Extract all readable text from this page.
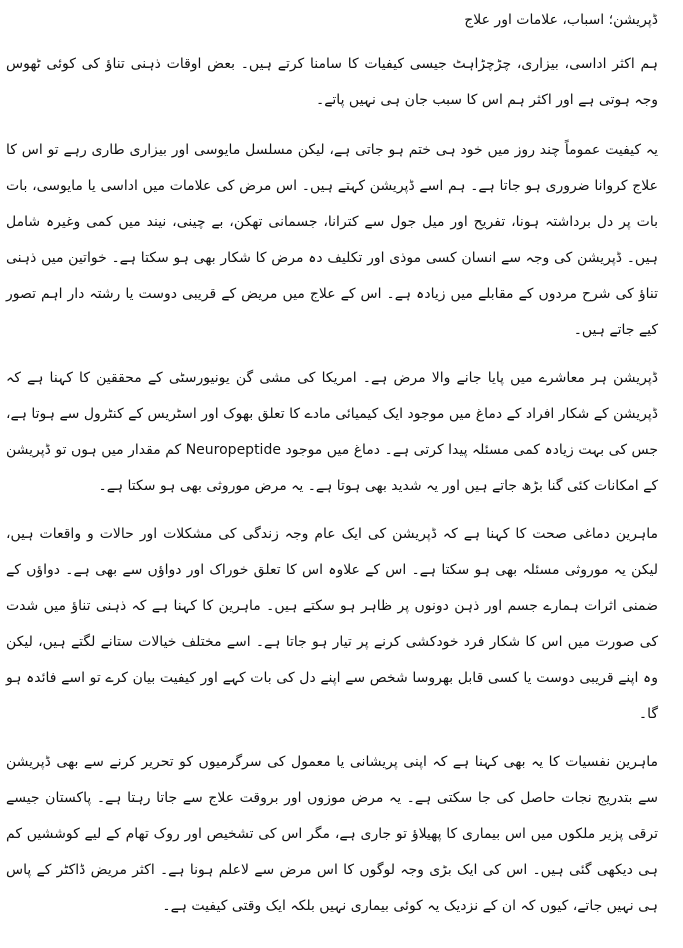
ڈپریشن؛ اسباب، علامات اور علاج

ہم اکثر اداسی، بیزاری، چڑچڑاہٹ جیسی کیفیات کا سامنا کرتے ہیں۔ بعض اوقات ذہنی تناؤ کی کوئی ٹھوس وجہ ہوتی ہے اور اکثر ہم اس کا سبب جان ہی نہیں پاتے۔

یہ کیفیت عموماً چند روز میں خود ہی ختم ہو جاتی ہے، لیکن مسلسل مایوسی اور بیزاری طاری رہے تو اس کا علاج کروانا ضروری ہو جاتا ہے۔ ہم اسے ڈپریشن کہتے ہیں۔ اس مرض کی علامات میں اداسی یا مایوسی، بات بات پر دل برداشتہ ہونا، تفریح اور میل جول سے کترانا، جسمانی تھکن، بے چینی، نیند میں کمی وغیرہ شامل ہیں۔ ڈپریشن کی وجہ سے انسان کسی موذی اور تکلیف دہ مرض کا شکار بھی ہو سکتا ہے۔ خواتین میں ذہنی تناؤ کی شرح مردوں کے مقابلے میں زیادہ ہے۔ اس کے علاج میں مریض کے قریبی دوست یا رشتہ دار اہم تصور کیے جاتے ہیں۔

ڈپریشن ہر معاشرے میں پایا جانے والا مرض ہے۔ امریکا کی مشی گن یونیورسٹی کے محققین کا کہنا ہے کہ ڈپریشن کے شکار افراد کے دماغ میں موجود ایک کیمیائی مادے کا تعلق بھوک اور اسٹریس کے کنٹرول سے ہوتا ہے، جس کی بہت زیادہ کمی مسئلہ پیدا کرتی ہے۔ دماغ میں موجود Neuropeptide کم مقدار میں ہوں تو ڈپریشن کے امکانات کئی گنا بڑھ جاتے ہیں اور یہ شدید بھی ہوتا ہے۔ یہ مرض موروثی بھی ہو سکتا ہے۔

ماہرین دماغی صحت کا کہنا ہے کہ ڈپریشن کی ایک عام وجہ زندگی کی مشکلات اور حالات و واقعات ہیں، لیکن یہ موروثی مسئلہ بھی ہو سکتا ہے۔ اس کے علاوہ اس کا تعلق خوراک اور دواؤں سے بھی ہے۔ دواؤں کے ضمنی اثرات ہمارے جسم اور ذہن دونوں پر ظاہر ہو سکتے ہیں۔ ماہرین کا کہنا ہے کہ ذہنی تناؤ میں شدت کی صورت میں اس کا شکار فرد خودکشی کرنے پر تیار ہو جاتا ہے۔ اسے مختلف خیالات ستانے لگتے ہیں، لیکن وہ اپنے قریبی دوست یا کسی قابل بھروسا شخص سے اپنے دل کی بات کہے اور کیفیت بیان کرے تو اسے فائدہ ہو گا۔

ماہرین نفسیات کا یہ بھی کہنا ہے کہ اپنی پریشانی یا معمول کی سرگرمیوں کو تحریر کرنے سے بھی ڈپریشن سے بتدریج نجات حاصل کی جا سکتی ہے۔ یہ مرض موزوں اور بروقت علاج سے جاتا رہتا ہے۔ پاکستان جیسے ترقی پزیر ملکوں میں اس بیماری کا پھیلاؤ تو جاری ہے، مگر اس کی تشخیص اور روک تھام کے لیے کوششیں کم ہی دیکھی گئی ہیں۔ اس کی ایک بڑی وجہ لوگوں کا اس مرض سے لاعلم ہونا ہے۔ اکثر مریض ڈاکٹر کے پاس ہی نہیں جاتے، کیوں کہ ان کے نزدیک یہ کوئی بیماری نہیں بلکہ ایک وقتی کیفیت ہے۔
